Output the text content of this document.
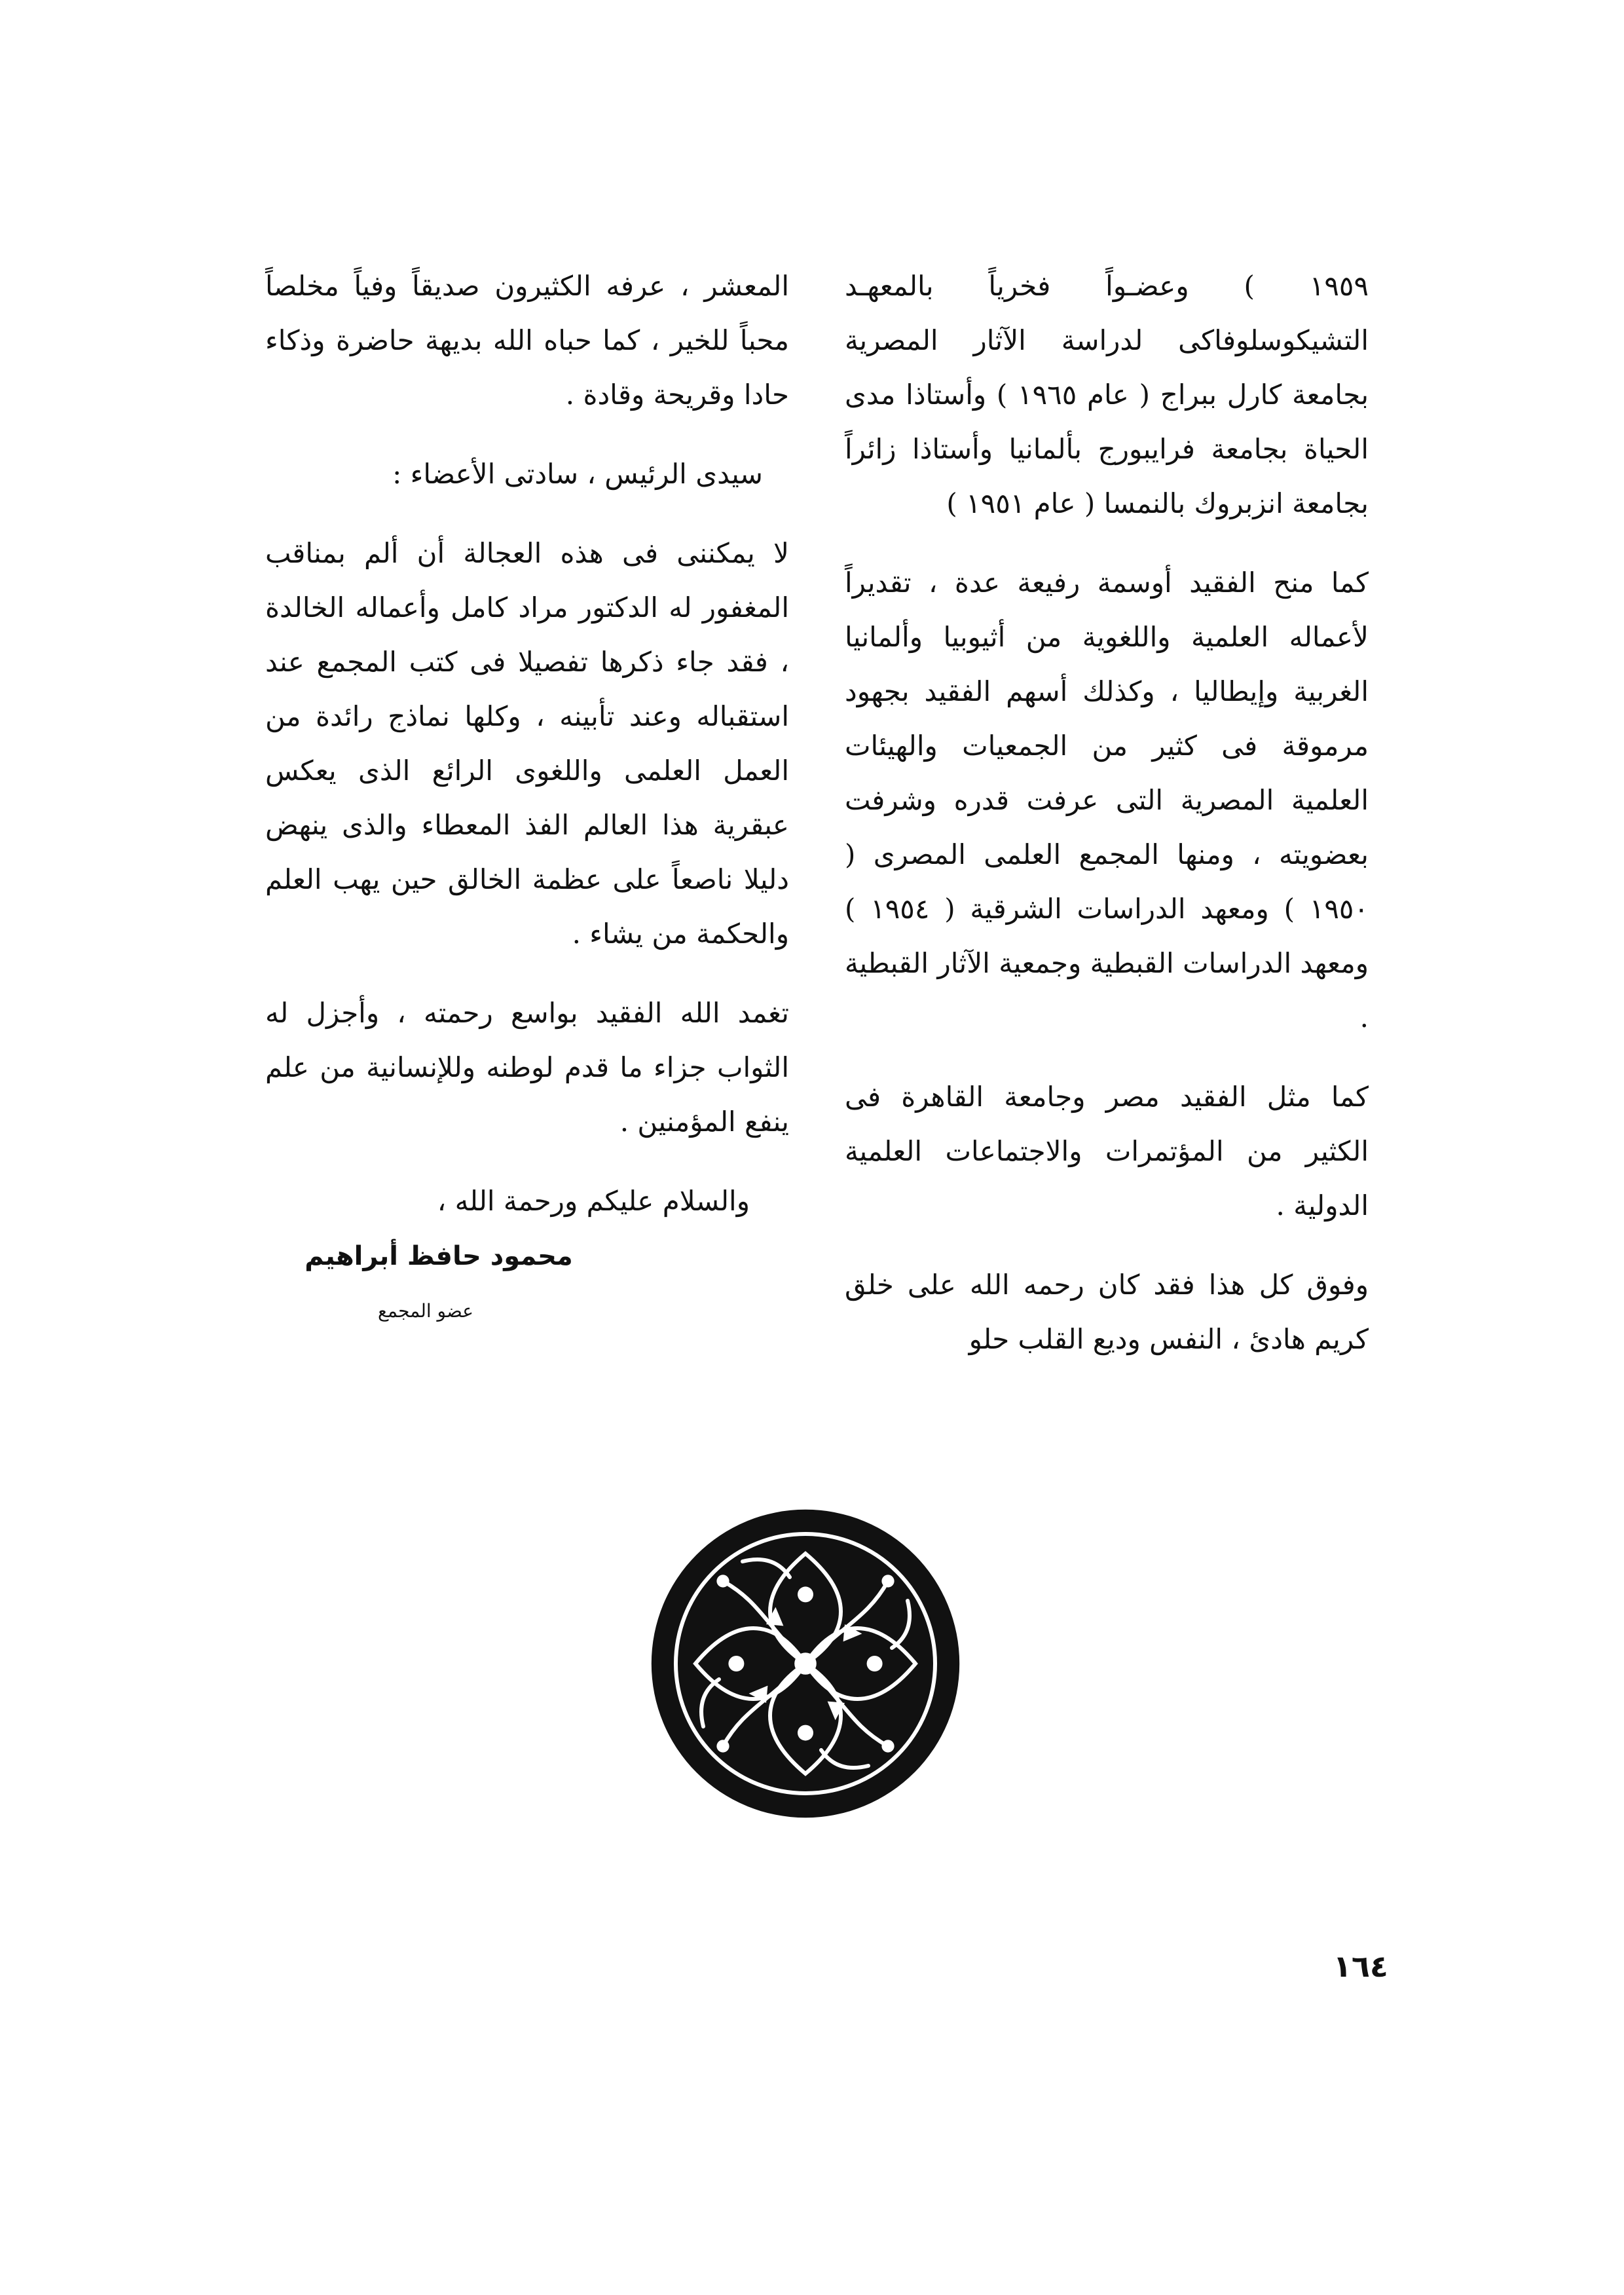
١٩٥٩ ) وعضـواً فخرياً بالمعهـد التشيكوسلوفاكى لدراسة الآثار المصرية بجامعة كارل ببراج ( عام ١٩٦٥ ) وأستاذا مدى الحياة بجامعة فرايبورج بألمانيا وأستاذا زائراً بجامعة انزبروك بالنمسا ( عام ١٩٥١ )

كما منح الفقيد أوسمة رفيعة عدة ، تقديراً لأعماله العلمية واللغوية من أثيوبيا وألمانيا الغربية وإيطاليا ، وكذلك أسهم الفقيد بجهود مرموقة فى كثير من الجمعيات والهيئات العلمية المصرية التى عرفت قدره وشرفت بعضويته ، ومنها المجمع العلمى المصرى ( ١٩٥٠ ) ومعهد الدراسات الشرقية ( ١٩٥٤ ) ومعهد الدراسات القبطية وجمعية الآثار القبطية .

كما مثل الفقيد مصر وجامعة القاهرة فى الكثير من المؤتمرات والاجتماعات العلمية الدولية .

وفوق كل هذا فقد كان رحمه الله على خلق كريم هادئ ، النفس وديع القلب حلو

المعشر ، عرفه الكثيرون صديقاً وفياً مخلصاً محباً للخير ، كما حباه الله بديهة حاضرة وذكاء حادا وقريحة وقادة .

سيدى الرئيس ، سادتى الأعضاء :

لا يمكننى فى هذه العجالة أن ألم بمناقب المغفور له الدكتور مراد كامل وأعماله الخالدة ، فقد جاء ذكرها تفصيلا فى كتب المجمع عند استقباله وعند تأبينه ، وكلها نماذج رائدة من العمل العلمى واللغوى الرائع الذى يعكس عبقرية هذا العالم الفذ المعطاء والذى ينهض دليلا ناصعاً على عظمة الخالق حين يهب العلم والحكمة من يشاء .

تغمد الله الفقيد بواسع رحمته ، وأجزل له الثواب جزاء ما قدم لوطنه وللإنسانية من علم ينفع المؤمنين .

والسلام عليكم ورحمة الله ،

محمود حافظ أبراهيم
عضو المجمع
١٦٤
